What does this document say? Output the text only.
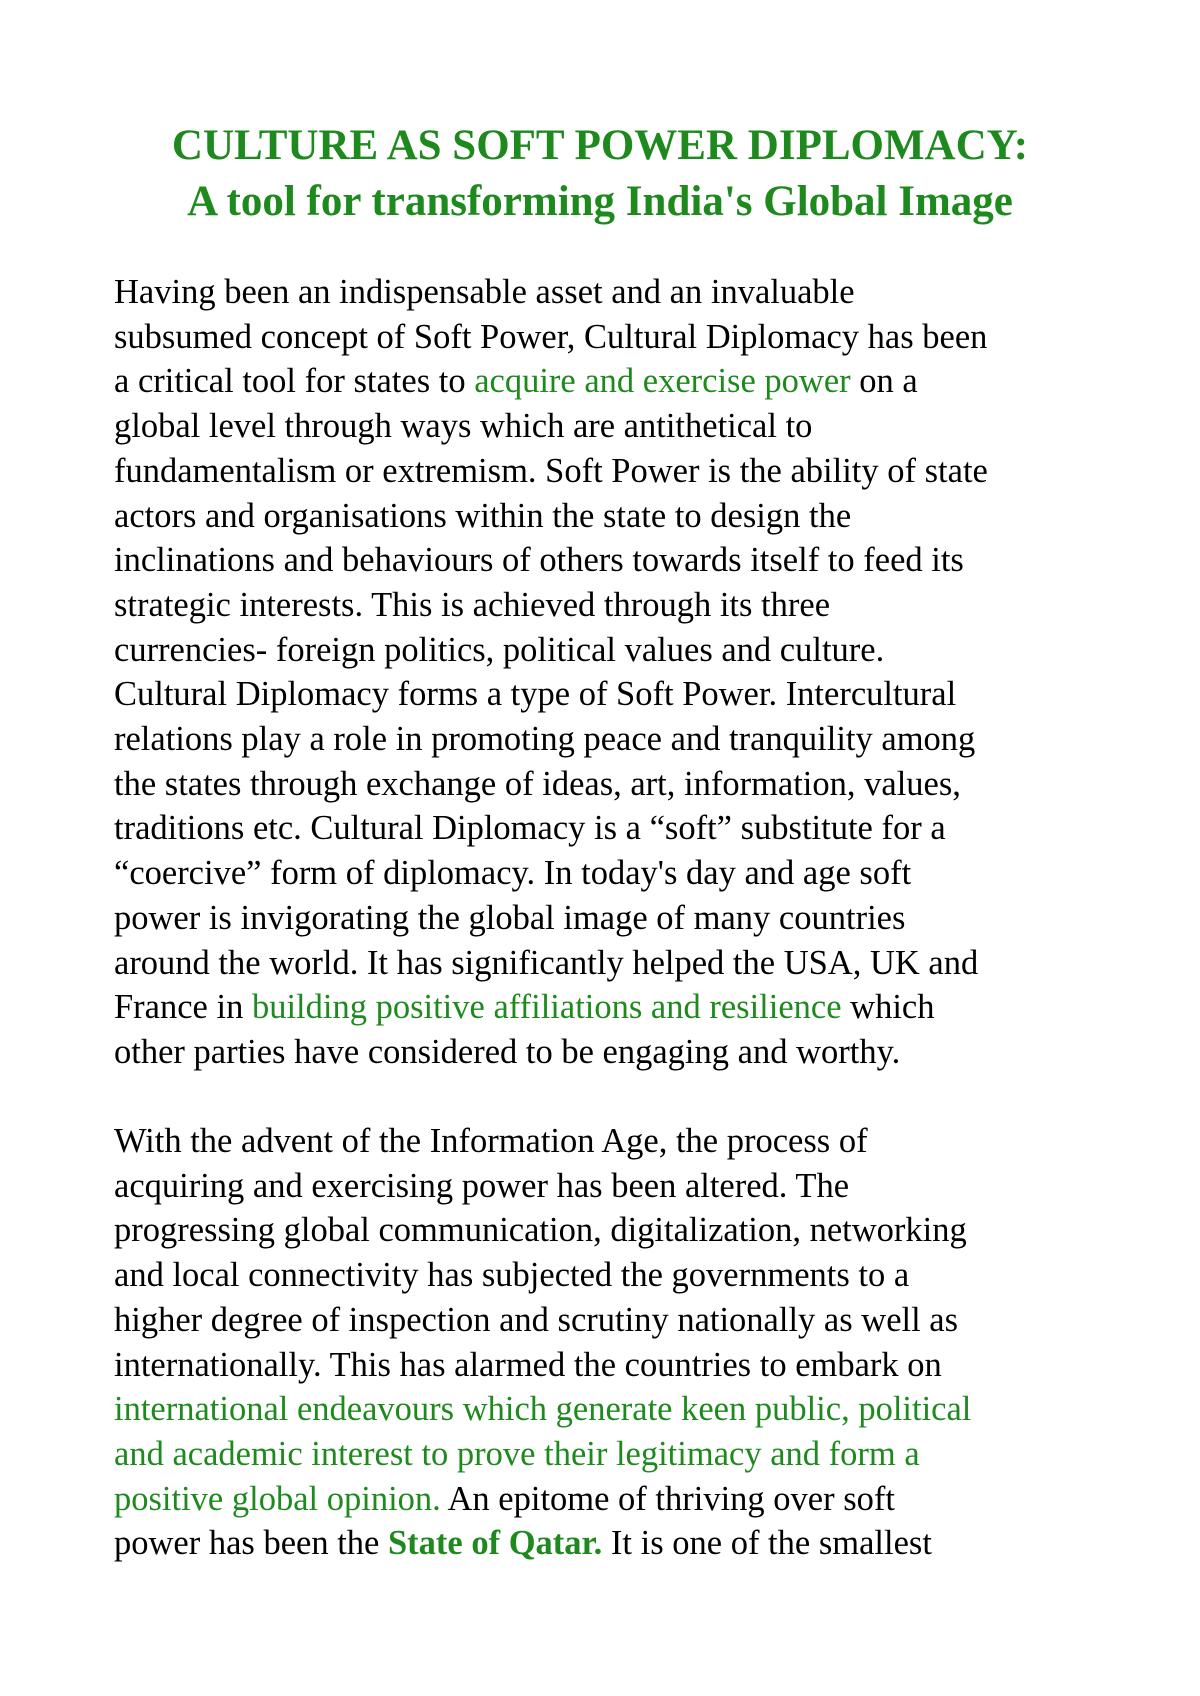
CULTURE AS SOFT POWER DIPLOMACY:
A tool for transforming India's Global Image

Having been an indispensable asset and an invaluable
subsumed concept of Soft Power, Cultural Diplomacy has been
a critical tool for states to acquire and exercise power on a
global level through ways which are antithetical to
fundamentalism or extremism. Soft Power is the ability of state
actors and organisations within the state to design the
inclinations and behaviours of others towards itself to feed its
strategic interests. This is achieved through its three
currencies- foreign politics, political values and culture.
Cultural Diplomacy forms a type of Soft Power. Intercultural
relations play a role in promoting peace and tranquility among
the states through exchange of ideas, art, information, values,
traditions etc. Cultural Diplomacy is a “soft” substitute for a
“coercive” form of diplomacy. In today's day and age soft
power is invigorating the global image of many countries
around the world. It has significantly helped the USA, UK and
France in building positive affiliations and resilience which
other parties have considered to be engaging and worthy.

With the advent of the Information Age, the process of
acquiring and exercising power has been altered. The
progressing global communication, digitalization, networking
and local connectivity has subjected the governments to a
higher degree of inspection and scrutiny nationally as well as
internationally. This has alarmed the countries to embark on
international endeavours which generate keen public, political
and academic interest to prove their legitimacy and form a
positive global opinion. An epitome of thriving over soft
power has been the State of Qatar. It is one of the smallest
